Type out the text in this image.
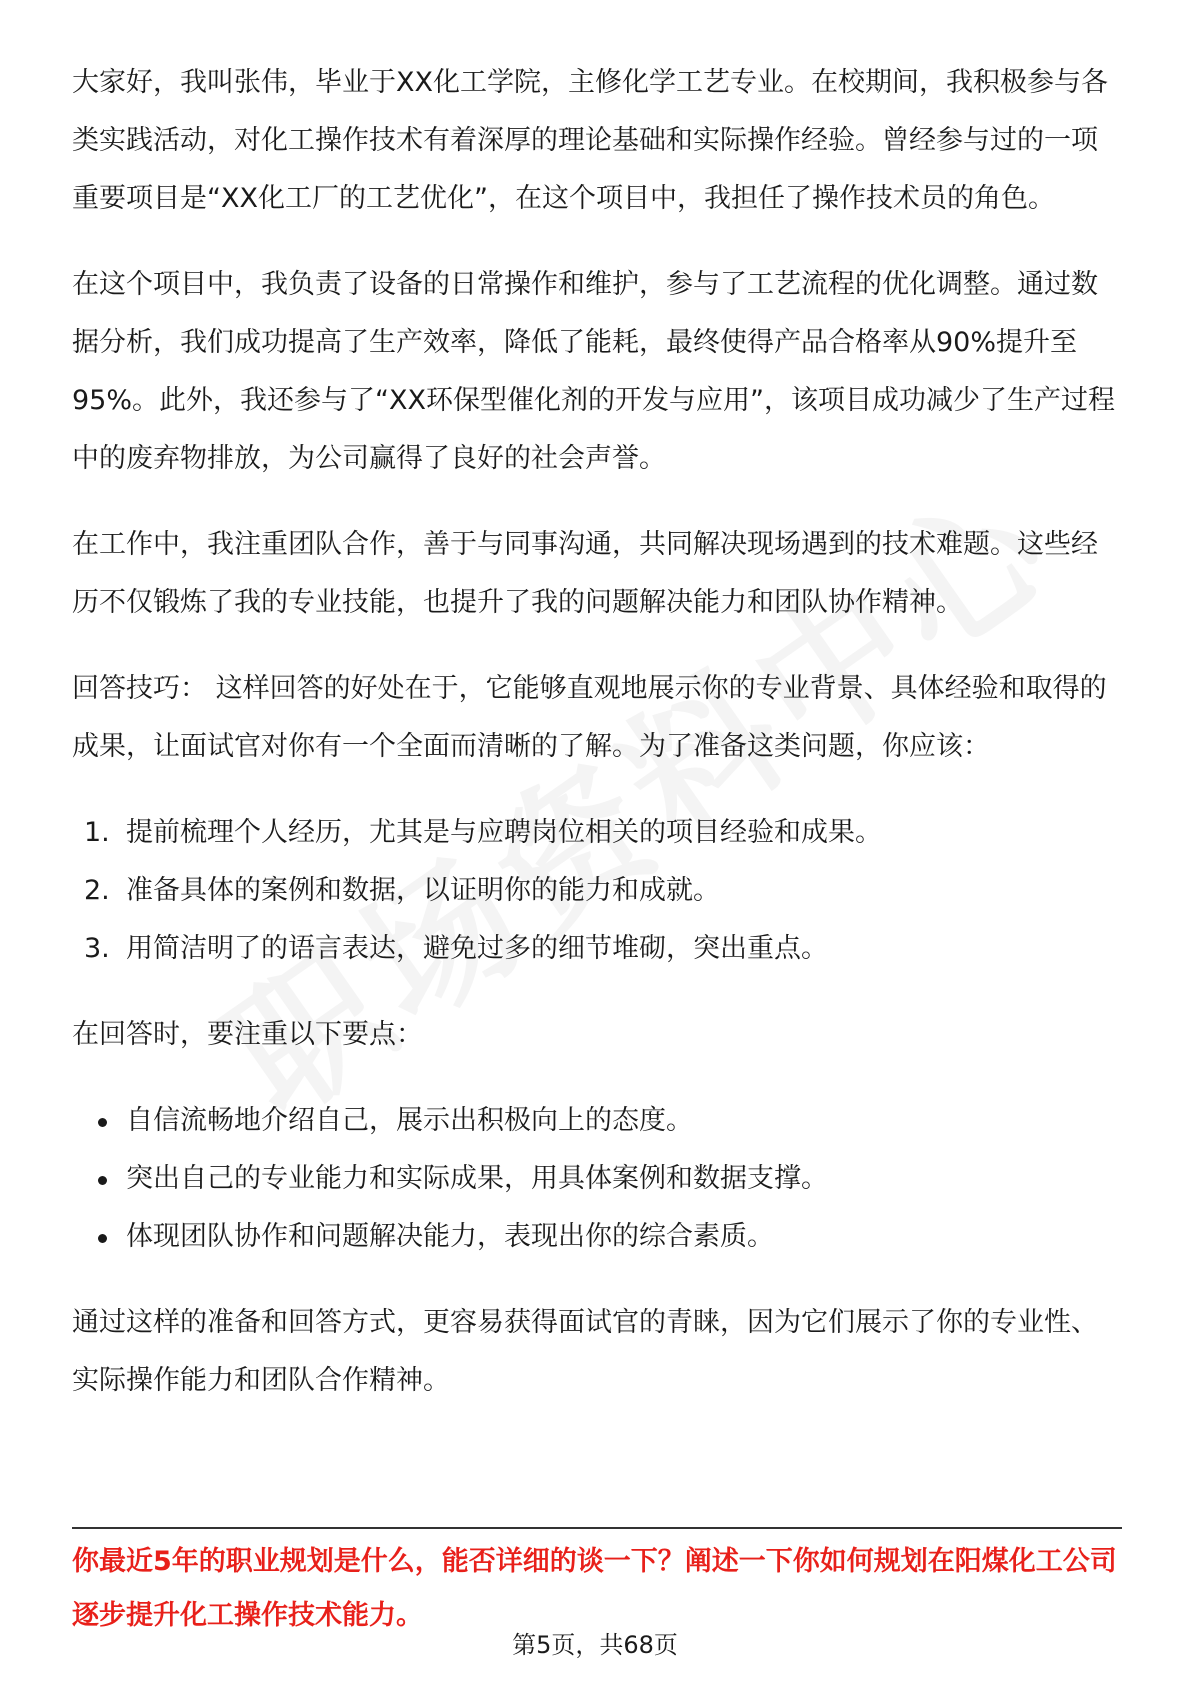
大家好，我叫张伟，毕业于XX化工学院，主修化学工艺专业。在校期间，我积极参与各类实践活动，对化工操作技术有着深厚的理论基础和实际操作经验。曾经参与过的一项重要项目是“XX化工厂的工艺优化”，在这个项目中，我担任了操作技术员的角色。

在这个项目中，我负责了设备的日常操作和维护，参与了工艺流程的优化调整。通过数据分析，我们成功提高了生产效率，降低了能耗，最终使得产品合格率从90%提升至95%。此外，我还参与了“XX环保型催化剂的开发与应用”，该项目成功减少了生产过程中的废弃物排放，为公司赢得了良好的社会声誉。

在工作中，我注重团队合作，善于与同事沟通，共同解决现场遇到的技术难题。这些经历不仅锻炼了我的专业技能，也提升了我的问题解决能力和团队协作精神。

回答技巧： 这样回答的好处在于，它能够直观地展示你的专业背景、具体经验和取得的成果，让面试官对你有一个全面而清晰的了解。为了准备这类问题，你应该：

1. 提前梳理个人经历，尤其是与应聘岗位相关的项目经验和成果。
2. 准备具体的案例和数据，以证明你的能力和成就。
3. 用简洁明了的语言表达，避免过多的细节堆砌，突出重点。

在回答时，要注重以下要点：

自信流畅地介绍自己，展示出积极向上的态度。
突出自己的专业能力和实际成果，用具体案例和数据支撑。
体现团队协作和问题解决能力，表现出你的综合素质。

通过这样的准备和回答方式，更容易获得面试官的青睐，因为它们展示了你的专业性、实际操作能力和团队合作精神。

你最近5年的职业规划是什么，能否详细的谈一下？阐述一下你如何规划在阳煤化工公司逐步提升化工操作技术能力。
第5页，共68页
